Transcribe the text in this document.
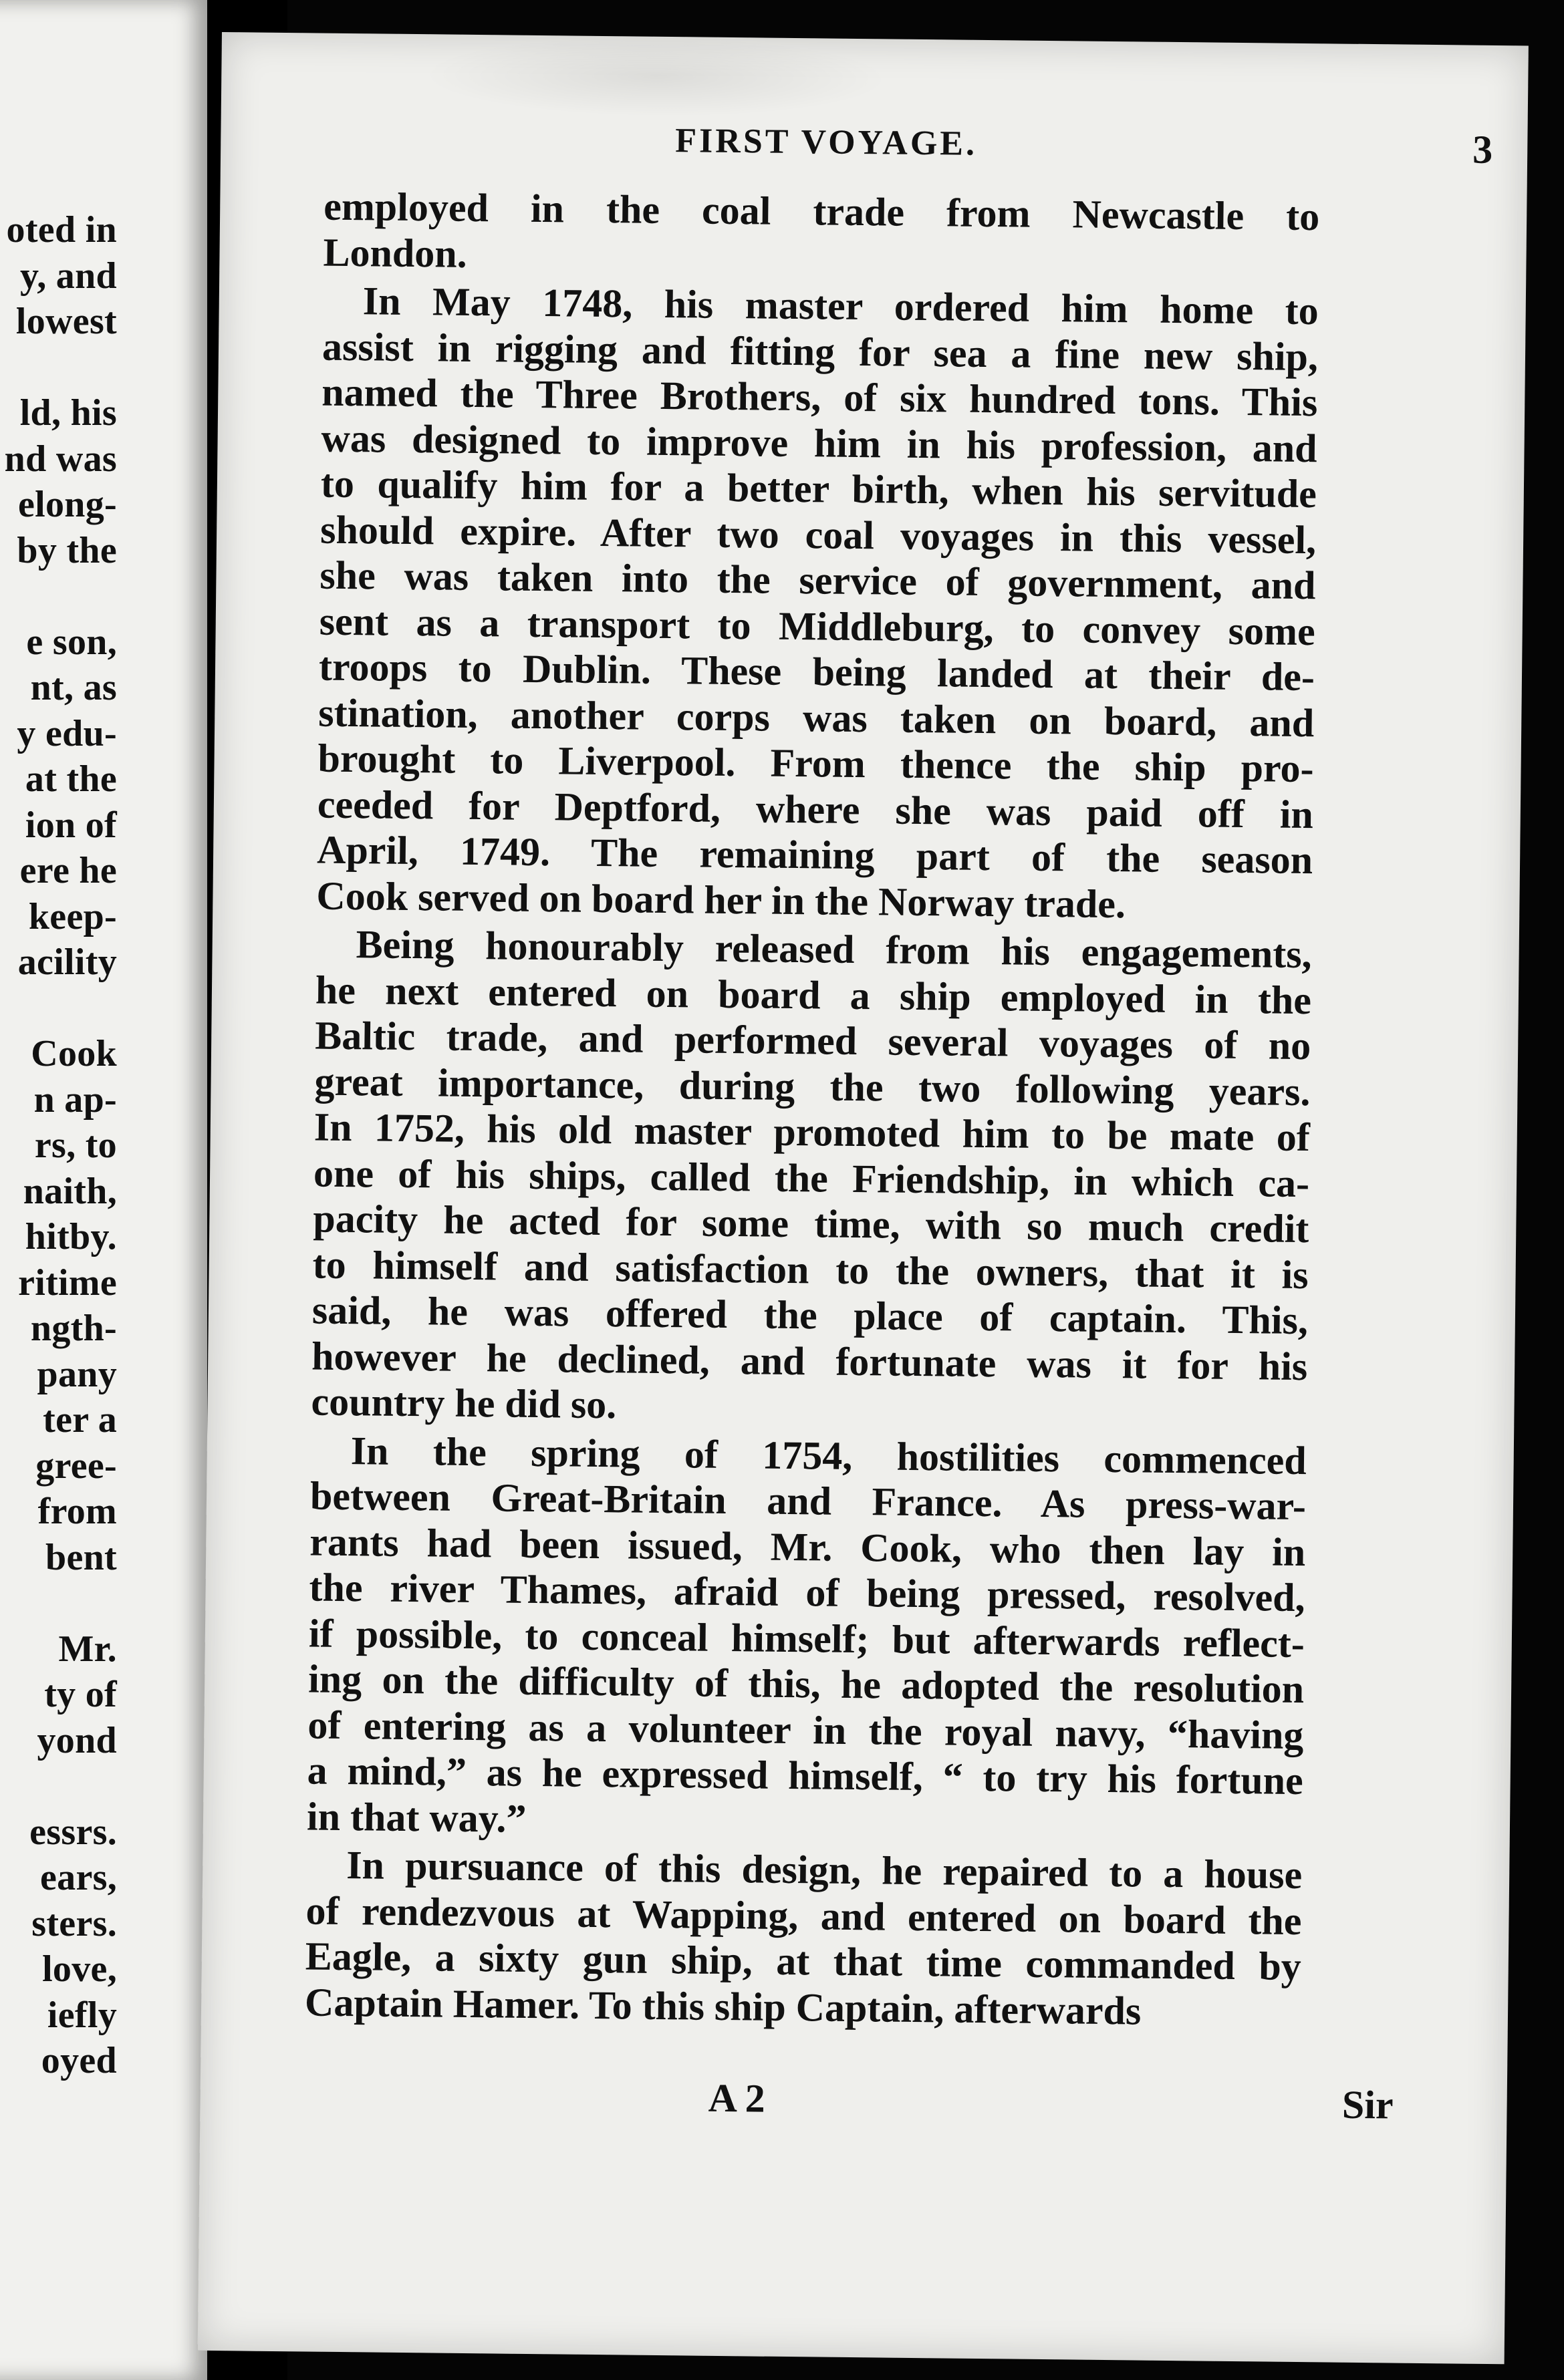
oted in
y, and
lowest
ld, his
nd was
elong-
by the
e son,
nt, as
y edu-
at the
ion of
ere he
keep-
acility
Cook
n ap-
rs, to
naith,
hitby.
ritime
ngth-
pany
ter a
gree-
from
bent
Mr.
ty of
yond
essrs.
ears,
sters.
love,
iefly
oyed
FIRST VOYAGE.	3
employed in the coal trade from Newcastle to
London.
In May 1748, his master ordered him home to
assist in rigging and fitting for sea a fine new ship,
named the Three Brothers, of six hundred tons. This
was designed to improve him in his profession, and
to qualify him for a better birth, when his servitude
should expire. After two coal voyages in this vessel,
she was taken into the service of government, and
sent as a transport to Middleburg, to convey some
troops to Dublin. These being landed at their de-
stination, another corps was taken on board, and
brought to Liverpool. From thence the ship pro-
ceeded for Deptford, where she was paid off in
April, 1749. The remaining part of the season
Cook served on board her in the Norway trade.
Being honourably released from his engagements,
he next entered on board a ship employed in the
Baltic trade, and performed several voyages of no
great importance, during the two following years.
In 1752, his old master promoted him to be mate of
one of his ships, called the Friendship, in which ca-
pacity he acted for some time, with so much credit
to himself and satisfaction to the owners, that it is
said, he was offered the place of captain. This,
however he declined, and fortunate was it for his
country he did so.
In the spring of 1754, hostilities commenced
between Great-Britain and France. As press-war-
rants had been issued, Mr. Cook, who then lay in
the river Thames, afraid of being pressed, resolved,
if possible, to conceal himself; but afterwards reflect-
ing on the difficulty of this, he adopted the resolution
of entering as a volunteer in the royal navy, “having
a mind,” as he expressed himself, “ to try his fortune
in that way.”
In pursuance of this design, he repaired to a house
of rendezvous at Wapping, and entered on board the
Eagle, a sixty gun ship, at that time commanded by
Captain Hamer. To this ship Captain, afterwards
A 2	Sir
